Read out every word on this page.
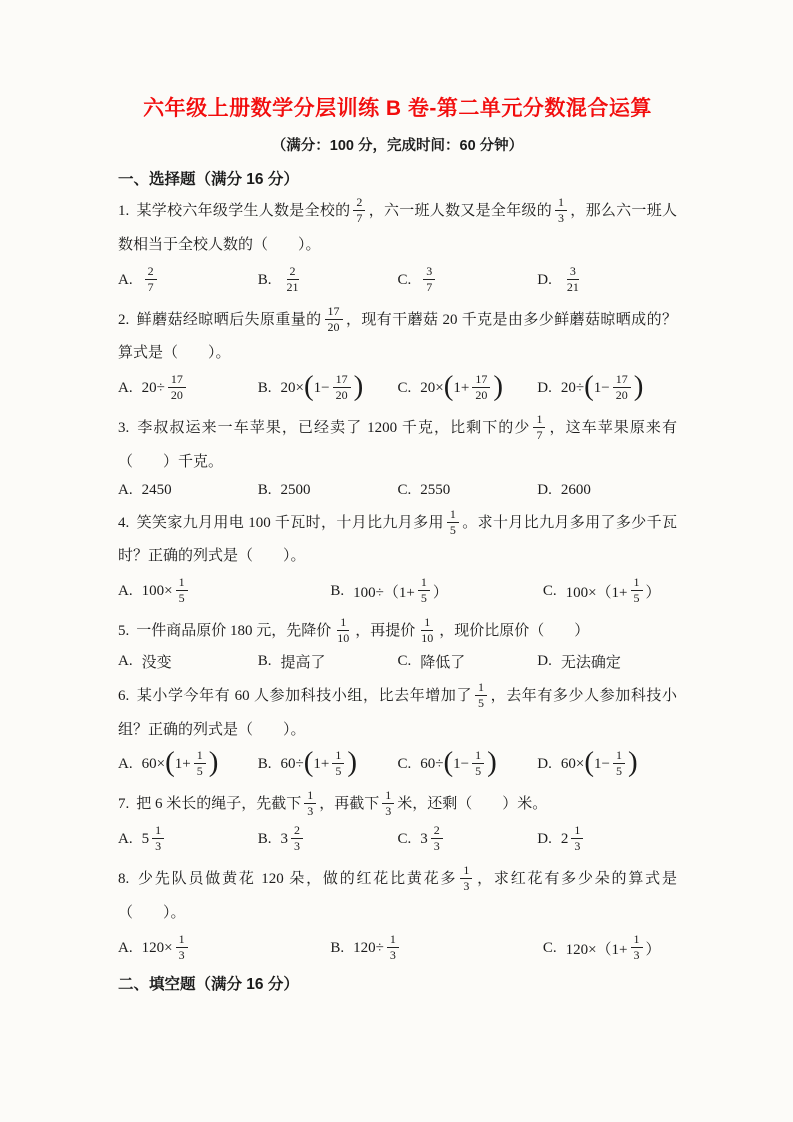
六年级上册数学分层训练 B 卷-第二单元分数混合运算
（满分：100 分，完成时间：60 分钟）
一、选择题（满分 16 分）

1. 某学校六年级学生人数是全校的 $\frac{2}{7}$ ，六一班人数又是全年级的 $\frac{1}{3}$ ，那么六一班人数相当于全校人数的（　　）。

A. $\frac{2}{7}$	B. $\frac{2}{21}$	C. $\frac{3}{7}$	D. $\frac{3}{21}$

2. 鲜蘑菇经晾晒后失原重量的 $\frac{17}{20}$ ，现有干蘑菇 20 千克是由多少鲜蘑菇晾晒成的？算式是（　　）。

A. $20\div \frac{17}{20}$	B. 20× ( $1- \frac{17}{20}$ ) C. 20× ( $1+ \frac{17}{20}$ ) D. 20÷ ( $1- \frac{17}{20}$ )

3. 李叔叔运来一车苹果，已经卖了 1200 千克，比剩下的少 $\frac{1}{7}$ ，这车苹果原来有（　　）千克。

A. 2450	B. 2500	C. 2550	D. 2600

4. 笑笑家九月用电 100 千瓦时，十月比九月多用 $\frac{1}{5}$ 。求十月比九月多用了多少千瓦时？正确的列式是（　　）。

A. $100\times \frac{1}{5}$	B. $100\div(1+ \frac{1}{5}$ ）	C. $100\times(1+ \frac{1}{5}$ ）

5. 一件商品原价 180 元，先降价 $\frac{1}{10}$ ，再提价 $\frac{1}{10}$ ，现价比原价（　　）

A. 没变	B. 提高了	C. 降低了	D. 无法确定

6. 某小学今年有 60 人参加科技小组，比去年增加了 $\frac{1}{5}$ ，去年有多少人参加科技小组？正确的列式是（　　）。

A. 60× ( $1+ \frac{1}{5}$ )	B. 60÷ ( $1+ \frac{1}{5}$ )	C. 60÷ ( $1- \frac{1}{5}$ )	D. 60× ( $1- \frac{1}{5}$ )

7. 把 6 米长的绳子，先截下 $\frac{1}{3}$ ，再截下 $\frac{1}{3}$ 米，还剩（　　）米。

A. $5 \frac{1}{3}$	B. $3 \frac{2}{3}$	C. $3 \frac{2}{3}$	D. $2 \frac{1}{3}$

8. 少先队员做黄花 120 朵，做的红花比黄花多 $\frac{1}{3}$ ，求红花有多少朵的算式是（　　）。

A. $120\times \frac{1}{3}$	B. $120\div \frac{1}{3}$	C. $120\times(1+ \frac{1}{3}$ ）
二、填空题（满分 16 分）
